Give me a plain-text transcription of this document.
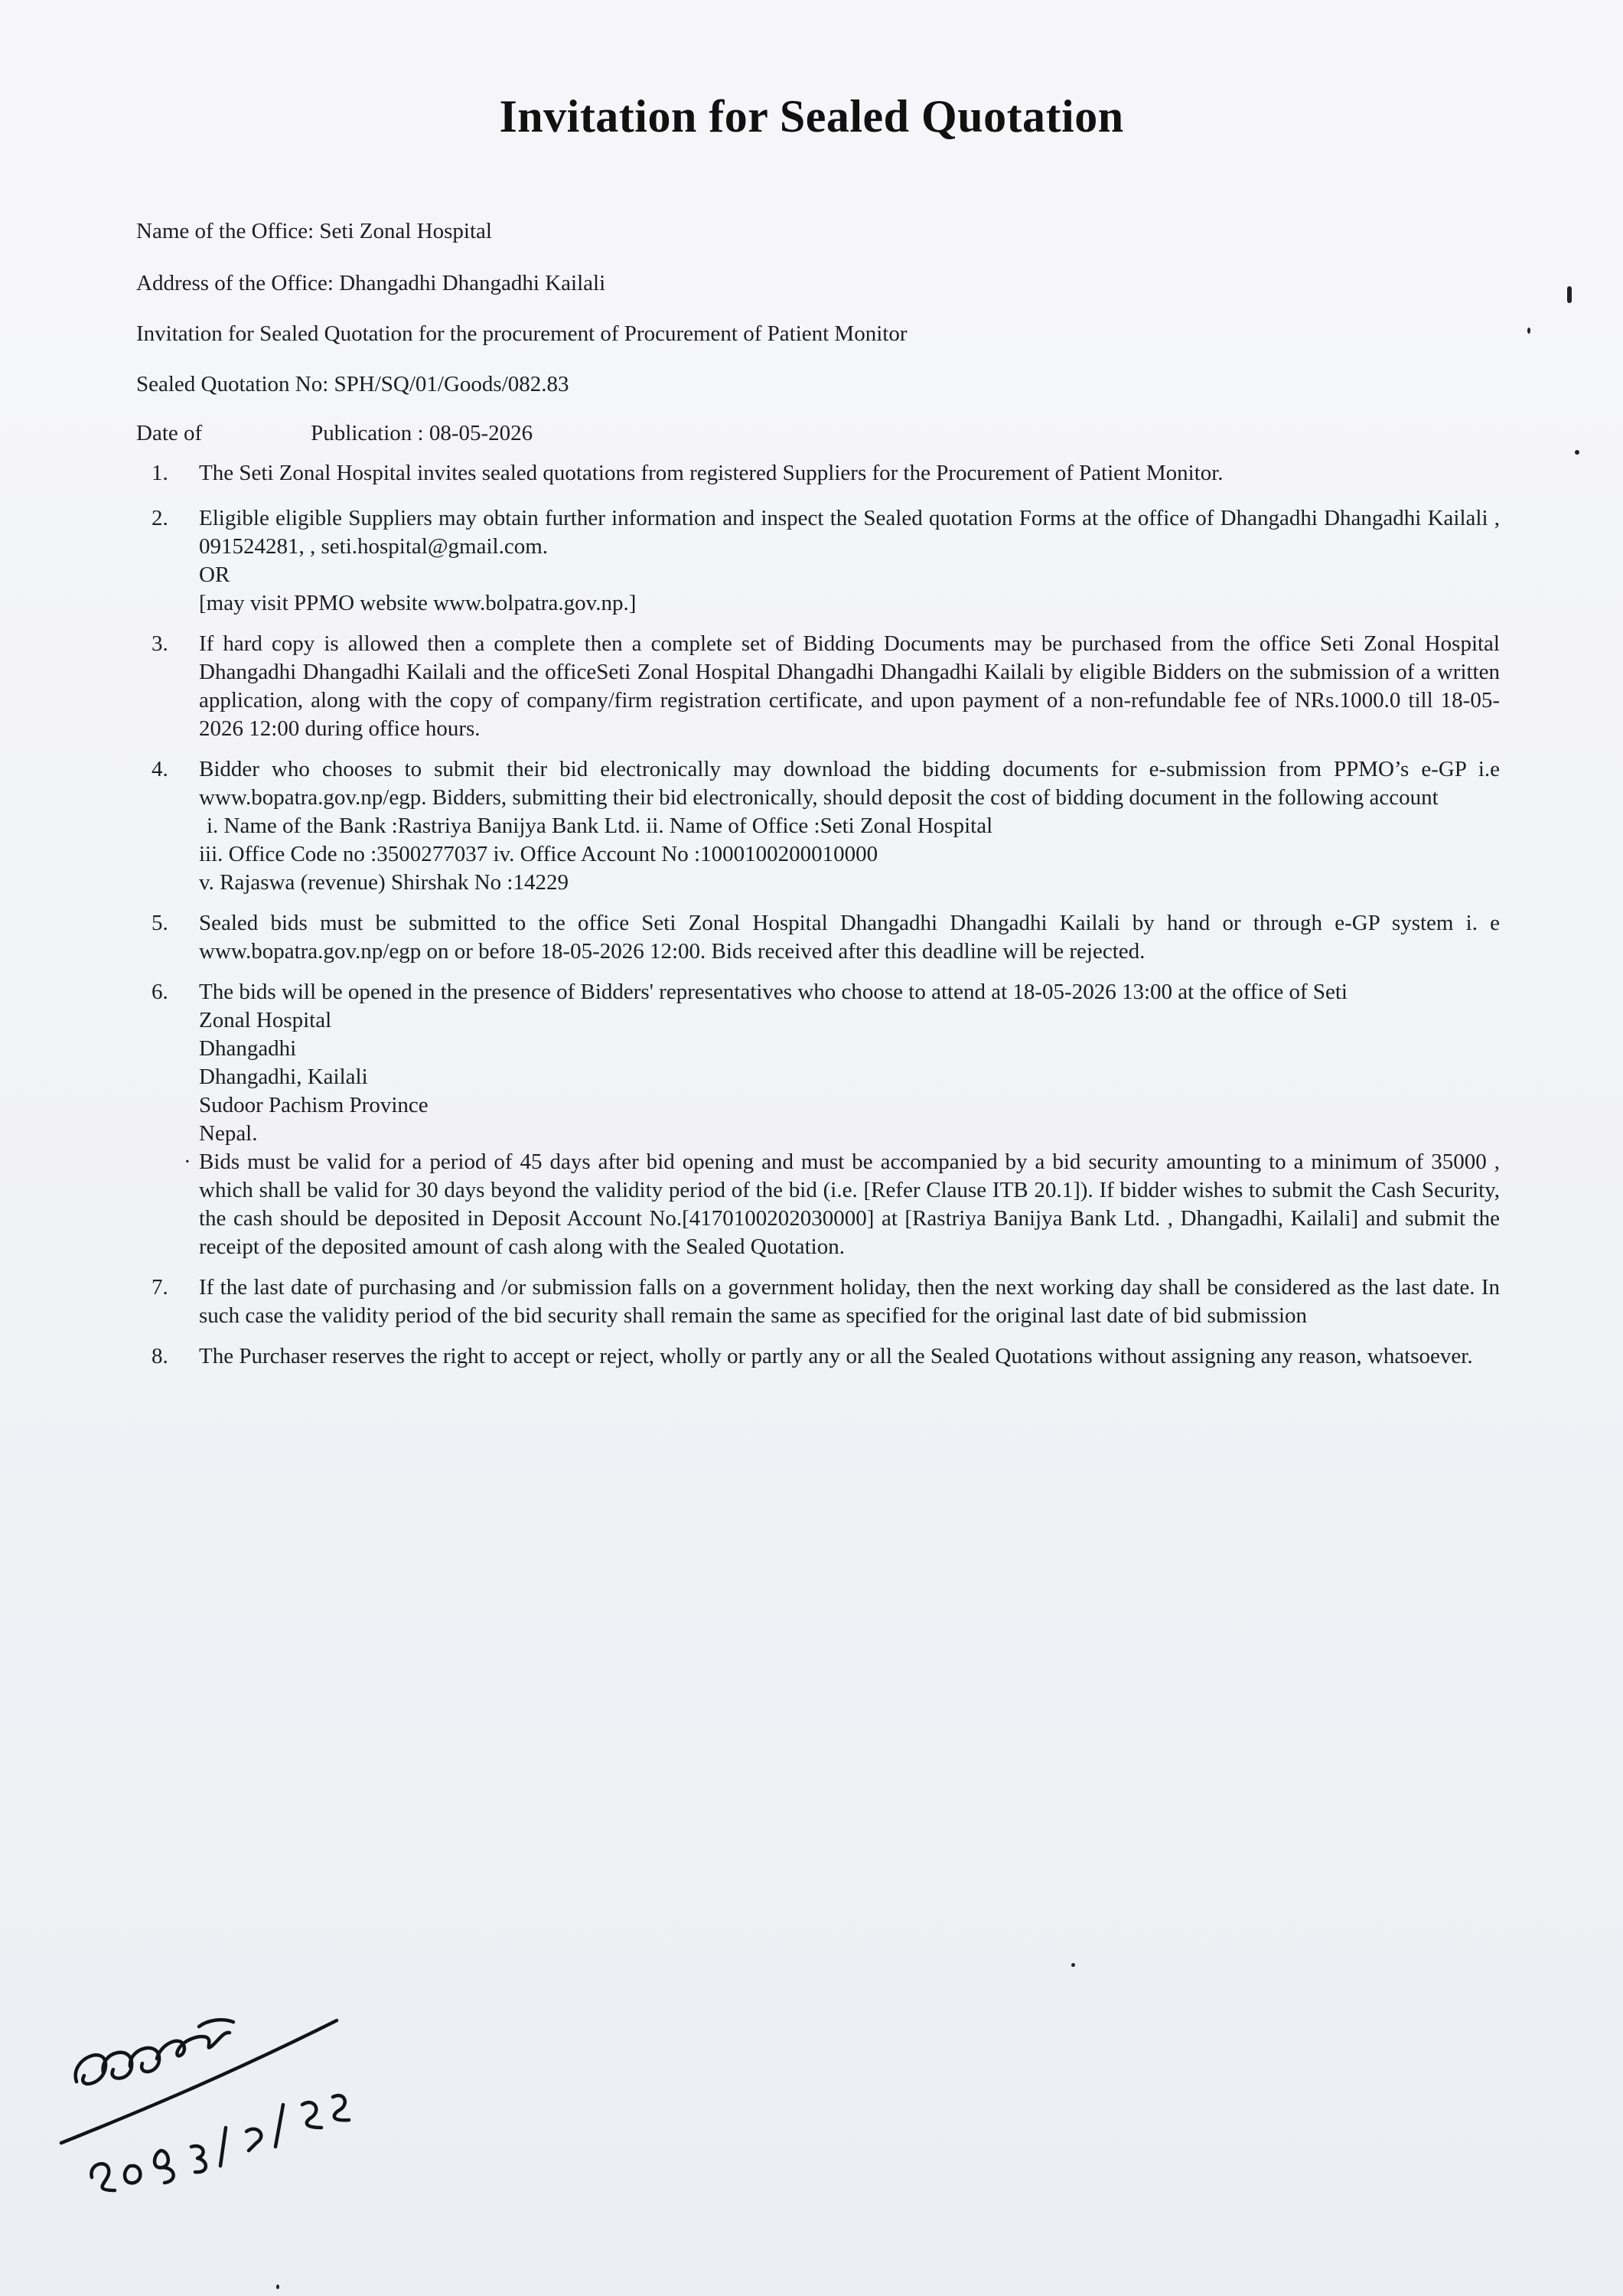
Invitation for Sealed Quotation
Name of the Office: Seti Zonal Hospital
Address of the Office: Dhangadhi Dhangadhi Kailali
Invitation for Sealed Quotation for the procurement of Procurement of Patient Monitor
Sealed Quotation No: SPH/SQ/01/Goods/082.83
Date of	Publication : 08-05-2026
1. The Seti Zonal Hospital invites sealed quotations from registered Suppliers for the Procurement of Patient Monitor.
2. Eligible eligible Suppliers may obtain further information and inspect the Sealed quotation Forms at the office of Dhangadhi Dhangadhi Kailali , 091524281, , seti.hospital@gmail.com.
OR
[may visit PPMO website www.bolpatra.gov.np.]
3. If hard copy is allowed then a complete then a complete set of Bidding Documents may be purchased from the office Seti Zonal Hospital Dhangadhi Dhangadhi Kailali and the officeSeti Zonal Hospital Dhangadhi Dhangadhi Kailali by eligible Bidders on the submission of a written application, along with the copy of company/firm registration certificate, and upon payment of a non-refundable fee of NRs.1000.0 till 18-05-2026 12:00 during office hours.
4. Bidder who chooses to submit their bid electronically may download the bidding documents for e-submission from PPMO’s e-GP i.e www.bopatra.gov.np/egp. Bidders, submitting their bid electronically, should deposit the cost of bidding document in the following account
i. Name of the Bank :Rastriya Banijya Bank Ltd. ii. Name of Office :Seti Zonal Hospital
iii. Office Code no :3500277037 iv. Office Account No :1000100200010000
v. Rajaswa (revenue) Shirshak No :14229
5. Sealed bids must be submitted to the office Seti Zonal Hospital Dhangadhi Dhangadhi Kailali by hand or through e-GP system i. e www.bopatra.gov.np/egp on or before 18-05-2026 12:00. Bids received after this deadline will be rejected.
6. The bids will be opened in the presence of Bidders' representatives who choose to attend at 18-05-2026 13:00 at the office of Seti
Zonal Hospital
Dhangadhi
Dhangadhi, Kailali
Sudoor Pachism Province
Nepal.
· Bids must be valid for a period of 45 days after bid opening and must be accompanied by a bid security amounting to a minimum of 35000 , which shall be valid for 30 days beyond the validity period of the bid (i.e. [Refer Clause ITB 20.1]). If bidder wishes to submit the Cash Security, the cash should be deposited in Deposit Account No.[4170100202030000] at [Rastriya Banijya Bank Ltd. , Dhangadhi, Kailali] and submit the receipt of the deposited amount of cash along with the Sealed Quotation.
7. If the last date of purchasing and /or submission falls on a government holiday, then the next working day shall be considered as the last date. In such case the validity period of the bid security shall remain the same as specified for the original last date of bid submission
8. The Purchaser reserves the right to accept or reject, wholly or partly any or all the Sealed Quotations without assigning any reason, whatsoever.
